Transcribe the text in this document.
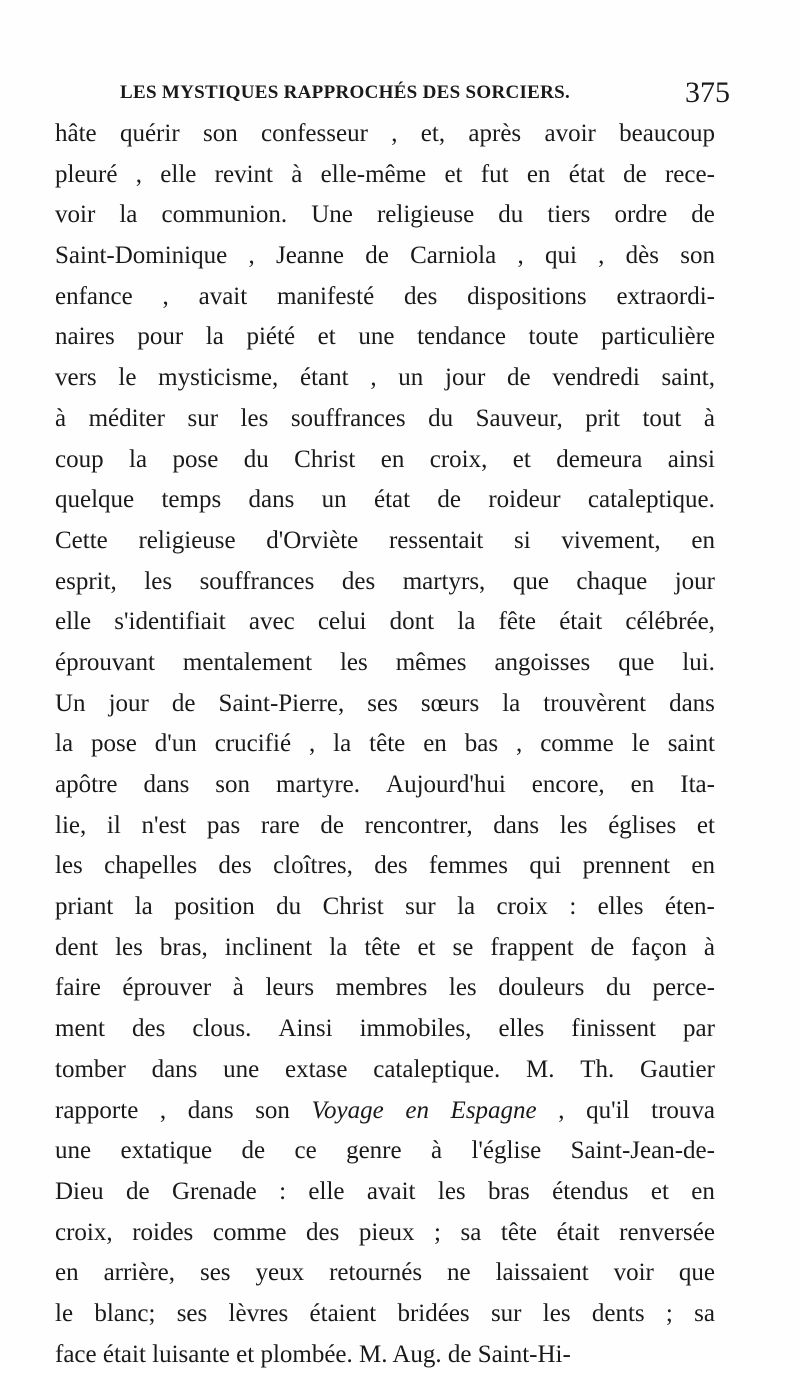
LES MYSTIQUES RAPPROCHÉS DES SORCIERS.	375
hâte quérir son confesseur , et, après avoir beaucoup
pleuré , elle revint à elle-même et fut en état de rece-
voir la communion. Une religieuse du tiers ordre de
Saint-Dominique , Jeanne de Carniola , qui , dès son
enfance , avait manifesté des dispositions extraordi-
naires pour la piété et une tendance toute particulière
vers le mysticisme, étant , un jour de vendredi saint,
à méditer sur les souffrances du Sauveur, prit tout à
coup la pose du Christ en croix, et demeura ainsi
quelque temps dans un état de roideur cataleptique.
Cette religieuse d'Orviète ressentait si vivement, en
esprit, les souffrances des martyrs, que chaque jour
elle s'identifiait avec celui dont la fête était célébrée,
éprouvant mentalement les mêmes angoisses que lui.
Un jour de Saint-Pierre, ses sœurs la trouvèrent dans
la pose d'un crucifié , la tête en bas , comme le saint
apôtre dans son martyre. Aujourd'hui encore, en Ita-
lie, il n'est pas rare de rencontrer, dans les églises et
les chapelles des cloîtres, des femmes qui prennent en
priant la position du Christ sur la croix : elles éten-
dent les bras, inclinent la tête et se frappent de façon à
faire éprouver à leurs membres les douleurs du perce-
ment des clous. Ainsi immobiles, elles finissent par
tomber dans une extase cataleptique. M. Th. Gautier
rapporte , dans son Voyage en Espagne , qu'il trouva
une extatique de ce genre à l'église Saint-Jean-de-
Dieu de Grenade : elle avait les bras étendus et en
croix, roides comme des pieux ; sa tête était renversée
en arrière, ses yeux retournés ne laissaient voir que
le blanc; ses lèvres étaient bridées sur les dents ; sa
face était luisante et plombée. M. Aug. de Saint-Hi-
